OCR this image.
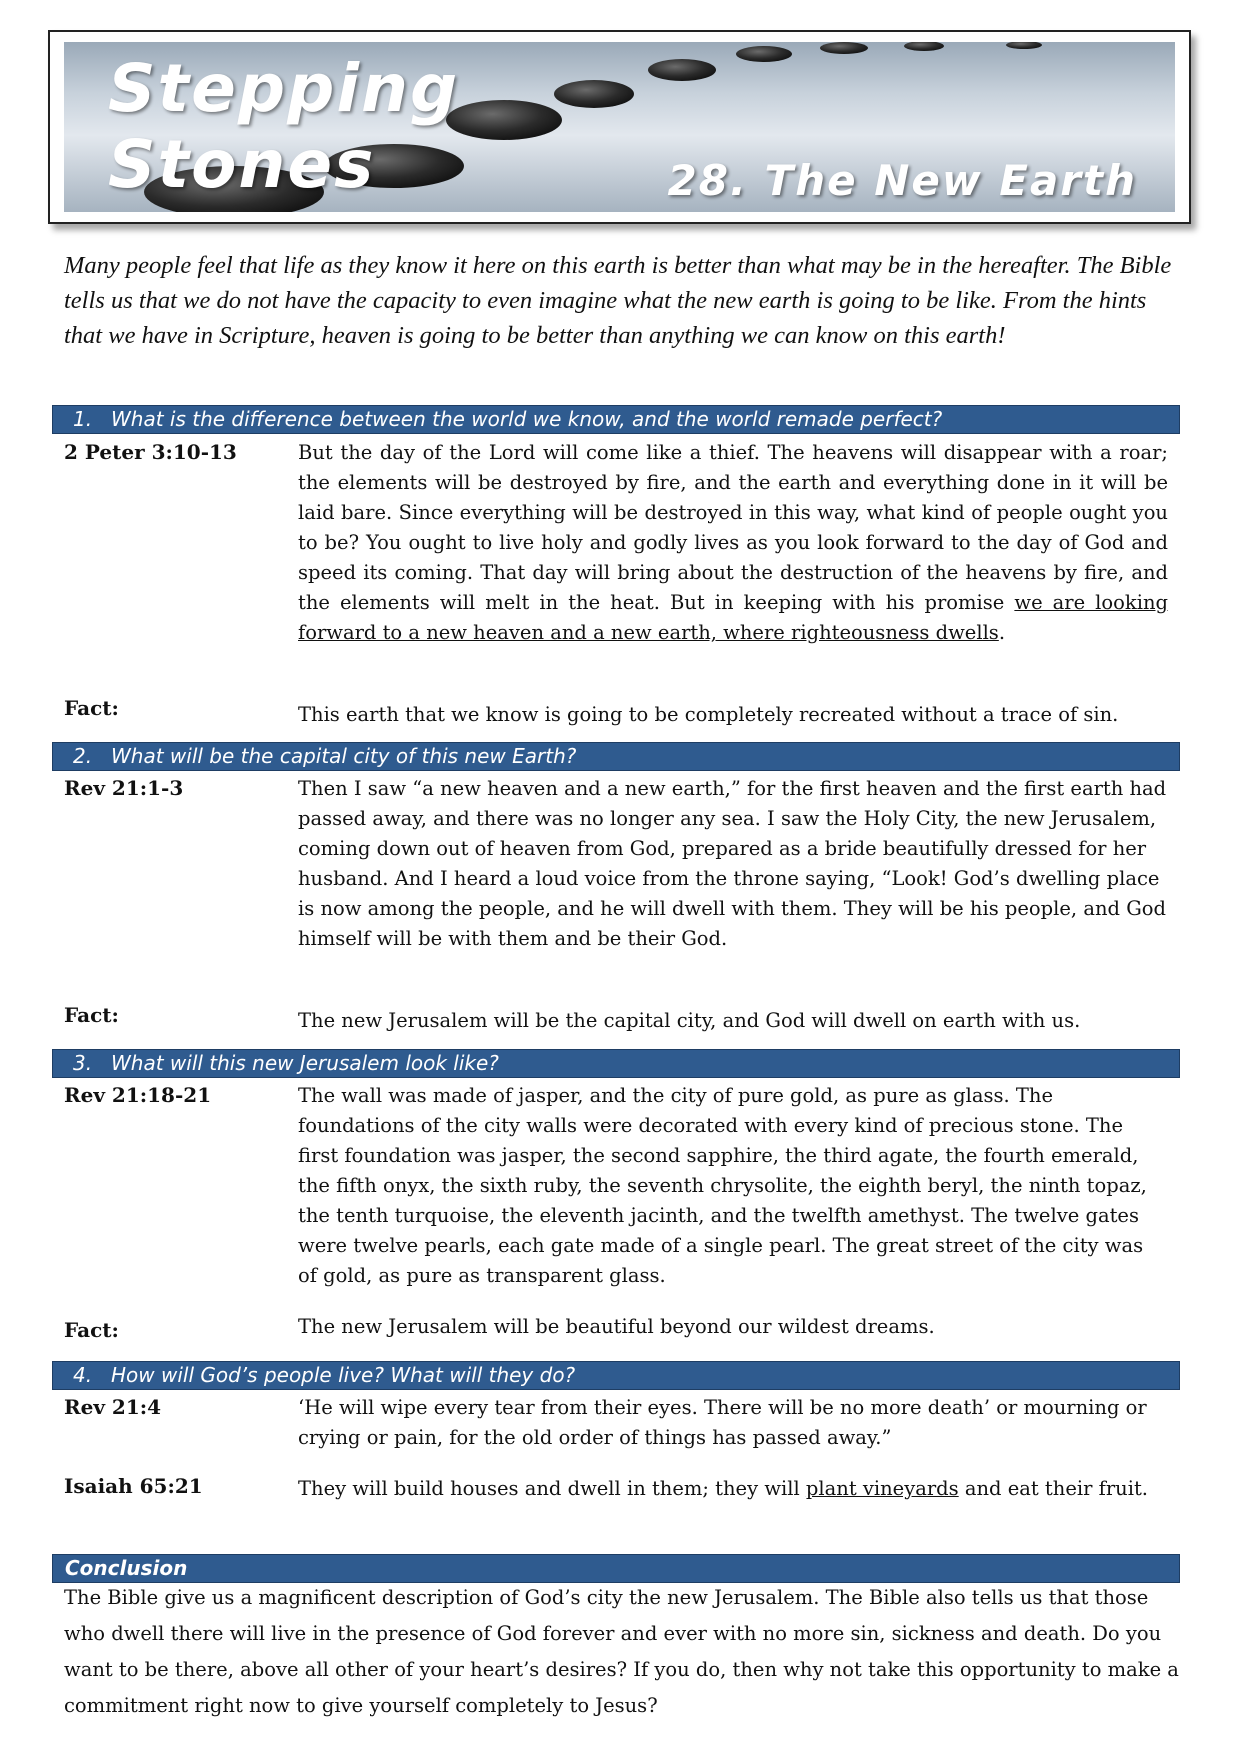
Stepping
Stones	28. The New Earth
Many people feel that life as they know it here on this earth is better than what may be in the hereafter. The Bible tells us that we do not have the capacity to even imagine what the new earth is going to be like. From the hints that we have in Scripture, heaven is going to be better than anything we can know on this earth!
1. What is the difference between the world we know, and the world remade perfect?
2 Peter 3:10-13	But the day of the Lord will come like a thief. The heavens will disappear with a roar; the elements will be destroyed by fire, and the earth and everything done in it will be laid bare. Since everything will be destroyed in this way, what kind of people ought you to be? You ought to live holy and godly lives as you look forward to the day of God and speed its coming. That day will bring about the destruction of the heavens by fire, and the elements will melt in the heat. But in keeping with his promise we are looking forward to a new heaven and a new earth, where righteousness dwells.
Fact:	This earth that we know is going to be completely recreated without a trace of sin.
2. What will be the capital city of this new Earth?
Rev 21:1-3	Then I saw “a new heaven and a new earth,” for the first heaven and the first earth had passed away, and there was no longer any sea. I saw the Holy City, the new Jerusalem, coming down out of heaven from God, prepared as a bride beautifully dressed for her husband. And I heard a loud voice from the throne saying, “Look! God’s dwelling place is now among the people, and he will dwell with them. They will be his people, and God himself will be with them and be their God.
Fact:	The new Jerusalem will be the capital city, and God will dwell on earth with us.
3. What will this new Jerusalem look like?
Rev 21:18-21	The wall was made of jasper, and the city of pure gold, as pure as glass. The foundations of the city walls were decorated with every kind of precious stone. The first foundation was jasper, the second sapphire, the third agate, the fourth emerald, the fifth onyx, the sixth ruby, the seventh chrysolite, the eighth beryl, the ninth topaz, the tenth turquoise, the eleventh jacinth, and the twelfth amethyst. The twelve gates were twelve pearls, each gate made of a single pearl. The great street of the city was of gold, as pure as transparent glass.
Fact:	The new Jerusalem will be beautiful beyond our wildest dreams.
4. How will God’s people live? What will they do?
Rev 21:4	‘He will wipe every tear from their eyes. There will be no more death’ or mourning or crying or pain, for the old order of things has passed away.”
Isaiah 65:21	They will build houses and dwell in them; they will plant vineyards and eat their fruit.
Conclusion
The Bible give us a magnificent description of God’s city the new Jerusalem. The Bible also tells us that those who dwell there will live in the presence of God forever and ever with no more sin, sickness and death. Do you want to be there, above all other of your heart’s desires? If you do, then why not take this opportunity to make a commitment right now to give yourself completely to Jesus?
